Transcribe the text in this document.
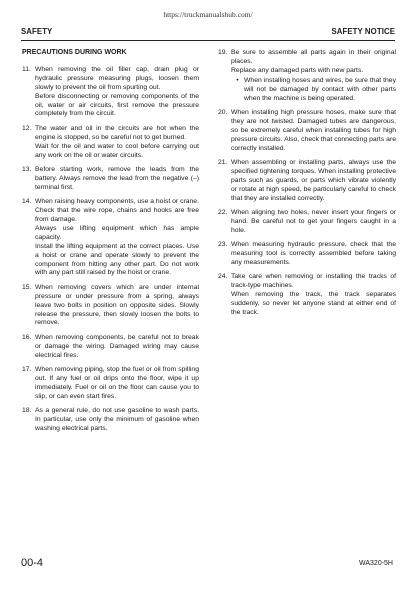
https://truckmanualshub.com/
SAFETY	SAFETY NOTICE
PRECAUTIONS DURING WORK
11. When removing the oil filler cap, drain plug or hydraulic pressure measuring plugs, loosen them slowly to prevent the oil from spurting out.

Before disconnecting or removing components of the oil, water or air circuits, first remove the pressure completely from the circuit.

12. The water and oil in the circuits are hot when the engine is stopped, so be careful not to get burned.

Wait for the oil and water to cool before carrying out any work on the oil or water circuits.

13. Before starting work, remove the leads from the battery. Always remove the lead from the negative (–) terminal first.

14. When raising heavy components, use a hoist or crane.

Check that the wire rope, chains and hooks are free from damage.

Always use lifting equipment which has ample capacity.

Install the lifting equipment at the correct places. Use a hoist or crane and operate slowly to prevent the component from hitting any other part. Do not work with any part still raised by the hoist or crane.

15. When removing covers which are under internal pressure or under pressure from a spring, always leave two bolts in position on opposite sides. Slowly release the pressure, then slowly loosen the bolts to remove.

16. When removing components, be careful not to break or damage the wiring. Damaged wiring may cause electrical fires.

17. When removing piping, stop the fuel or oil from spilling out. If any fuel or oil drips onto the floor, wipe it up immediately. Fuel or oil on the floor can cause you to slip, or can even start fires.

18. As a general rule, do not use gasoline to wash parts. In particular, use only the minimum of gasoline when washing electrical parts.

19. Be sure to assemble all parts again in their original places.

Replace any damaged parts with new parts.

• When installing hoses and wires, be sure that they will not be damaged by contact with other parts when the machine is being operated.
20. When installing high pressure hoses, make sure that they are not twisted. Damaged tubes are dangerous, so be extremely careful when installing tubes for high pressure circuits. Also, check that connecting parts are correctly installed.

21. When assembling or installing parts, always use the specified tightening torques. When installing protective parts such as guards, or parts which vibrate violently or rotate at high speed, be particularly careful to check that they are installed correctly.

22. When aligning two holes, never insert your fingers or hand. Be careful not to get your fingers caught in a hole.

23. When measuring hydraulic pressure, check that the measuring tool is correctly assembled before taking any measurements.

24. Take care when removing or installing the tracks of track-type machines.

When removing the track, the track separates suddenly, so never let anyone stand at either end of the track.

00-4	WA320-5H
